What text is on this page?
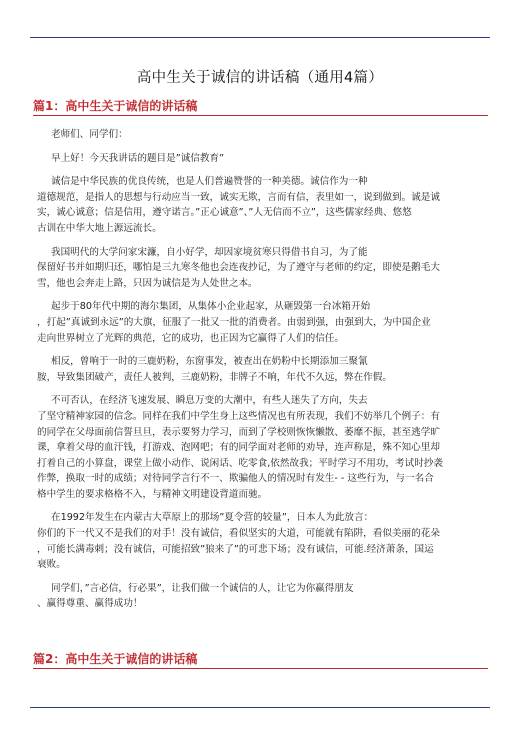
高中生关于诚信的讲话稿（通用4篇）
篇1：高中生关于诚信的讲话稿

老师们、同学们：

早上好！今天我讲话的题目是”诚信教育”

诚信是中华民族的优良传统，也是人们普遍赞誉的一种美德。诚信作为一种
道德规范，是指人的思想与行动应当一致，诚实无欺，言而有信，表里如一，说到做到。诚是诚
实，诚心诚意；信是信用，遵守诺言。”正心诚意”、”人无信而不立”，这些儒家经典、悠悠
古训在中华大地上源远流长。

我国明代的大学问家宋濂，自小好学，却因家境贫寒只得借书自习，为了能
保留好书并如期归还，哪怕是三九寒冬他也会连夜抄记，为了遵守与老师的约定，即使是鹅毛大
雪，他也会奔走上路，只因为诚信是为人处世之本。

起步于80年代中期的海尔集团，从集体小企业起家，从砸毁第一台冰箱开始
，打起”真诚到永远”的大旗，征服了一批又一批的消费者。由弱到强，由强到大，为中国企业
走向世界树立了光辉的典范，它的成功，也正因为它赢得了人们的信任。

相反，曾响于一时的三鹿奶粉，东窗事发，被查出在奶粉中长期添加三聚氰
胺，导致集团破产，责任人被判，三鹿奶粉，非牌子不响，年代不久远，弊在作假。

不可否认，在经济飞速发展、瞬息万变的大潮中，有些人迷失了方向，失去
了坚守精神家园的信念。同样在我们中学生身上这些情况也有所表现，我们不妨举几个例子：有
的同学在父母面前信誓旦旦，表示要努力学习，而到了学校则恢恢懒散、萎靡不振，甚至逃学旷
课，拿着父母的血汗钱，打游戏、泡网吧；有的同学面对老师的劝导，连声称是，殊不知心里却
打着自己的小算盘，课堂上做小动作、说闲话、吃零食,依然故我；平时学习不用功，考试时抄袭
作弊，换取一时的成绩；对待同学言行不一、欺骗他人的情况时有发生- - 这些行为，与一名合
格中学生的要求格格不入，与精神文明建设背道而驰。

在1992年发生在内蒙古大草原上的那场”夏令营的较量”，日本人为此放言：
你们的下一代又不是我们的对手！没有诚信，看似坚实的大道，可能就有陷阱，看似美丽的花朵
，可能长满毒刺；没有诚信，可能招致”狼来了”的可悲下场；没有诚信，可能.经济萧条，国运
衰败。

同学们，”言必信，行必果”，让我们做一个诚信的人，让它为你赢得朋友
、赢得尊重、赢得成功！

篇2：高中生关于诚信的讲话稿
